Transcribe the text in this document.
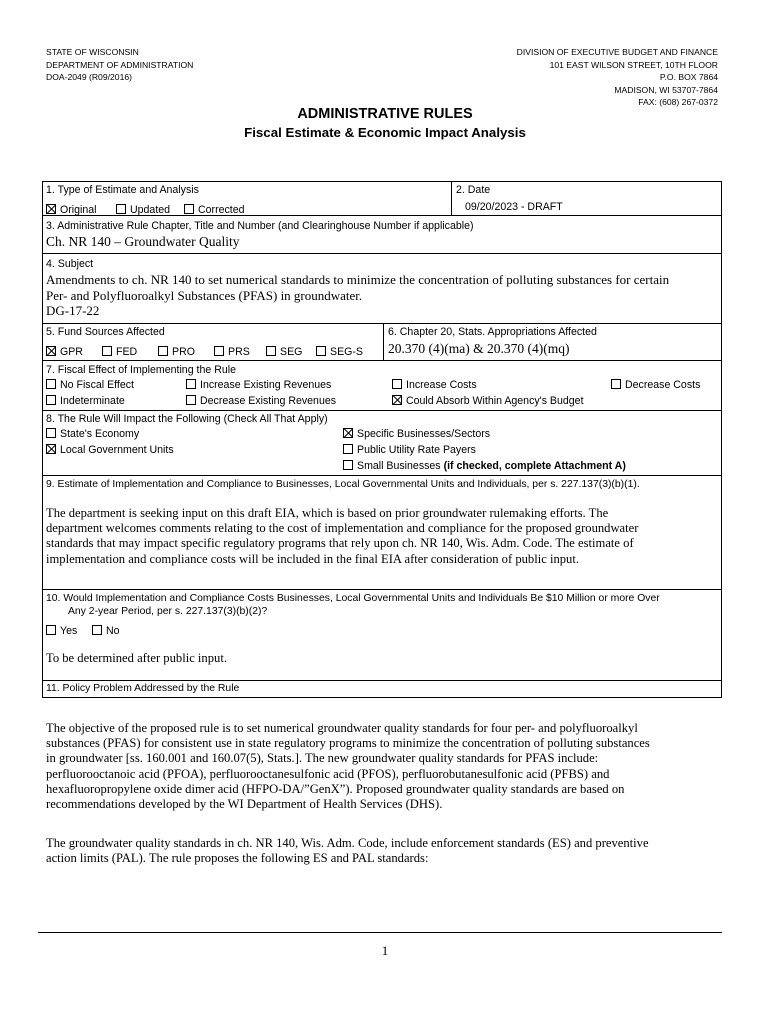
STATE OF WISCONSIN
DEPARTMENT OF ADMINISTRATION
DOA-2049 (R09/2016)
DIVISION OF EXECUTIVE BUDGET AND FINANCE
101 EAST WILSON STREET, 10TH FLOOR
P.O. BOX 7864
MADISON, WI 53707-7864
FAX: (608) 267-0372
ADMINISTRATIVE RULES
Fiscal Estimate & Economic Impact Analysis
1. Type of Estimate and Analysis
Original	Updated	Corrected
2. Date
09/20/2023 - DRAFT
3. Administrative Rule Chapter, Title and Number (and Clearinghouse Number if applicable)
Ch. NR 140 – Groundwater Quality
4. Subject
Amendments to ch. NR 140 to set numerical standards to minimize the concentration of polluting substances for certain
Per- and Polyfluoroalkyl Substances (PFAS) in groundwater.
DG-17-22
5. Fund Sources Affected
GPR	FED	PRO	PRS	SEG	SEG-S
6. Chapter 20, Stats. Appropriations Affected
20.370 (4)(ma) & 20.370 (4)(mq)
7. Fiscal Effect of Implementing the Rule
No Fiscal Effect	Increase Existing Revenues	Increase Costs	Decrease Costs
Indeterminate	Decrease Existing Revenues	Could Absorb Within Agency's Budget
8. The Rule Will Impact the Following (Check All That Apply)
State's Economy	Specific Businesses/Sectors
Local Government Units	Public Utility Rate Payers
Small Businesses (if checked, complete Attachment A)
9. Estimate of Implementation and Compliance to Businesses, Local Governmental Units and Individuals, per s. 227.137(3)(b)(1).
The department is seeking input on this draft EIA, which is based on prior groundwater rulemaking efforts. The
department welcomes comments relating to the cost of implementation and compliance for the proposed groundwater
standards that may impact specific regulatory programs that rely upon ch. NR 140, Wis. Adm. Code. The estimate of
implementation and compliance costs will be included in the final EIA after consideration of public input.
10. Would Implementation and Compliance Costs Businesses, Local Governmental Units and Individuals Be $10 Million or more Over
Any 2-year Period, per s. 227.137(3)(b)(2)?
Yes	No
To be determined after public input.
11. Policy Problem Addressed by the Rule
The objective of the proposed rule is to set numerical groundwater quality standards for four per- and polyfluoroalkyl
substances (PFAS) for consistent use in state regulatory programs to minimize the concentration of polluting substances
in groundwater [ss. 160.001 and 160.07(5), Stats.]. The new groundwater quality standards for PFAS include:
perfluorooctanoic acid (PFOA), perfluorooctanesulfonic acid (PFOS), perfluorobutanesulfonic acid (PFBS) and
hexafluoropropylene oxide dimer acid (HFPO-DA/”GenX”). Proposed groundwater quality standards are based on
recommendations developed by the WI Department of Health Services (DHS).
The groundwater quality standards in ch. NR 140, Wis. Adm. Code, include enforcement standards (ES) and preventive
action limits (PAL). The rule proposes the following ES and PAL standards:
1
